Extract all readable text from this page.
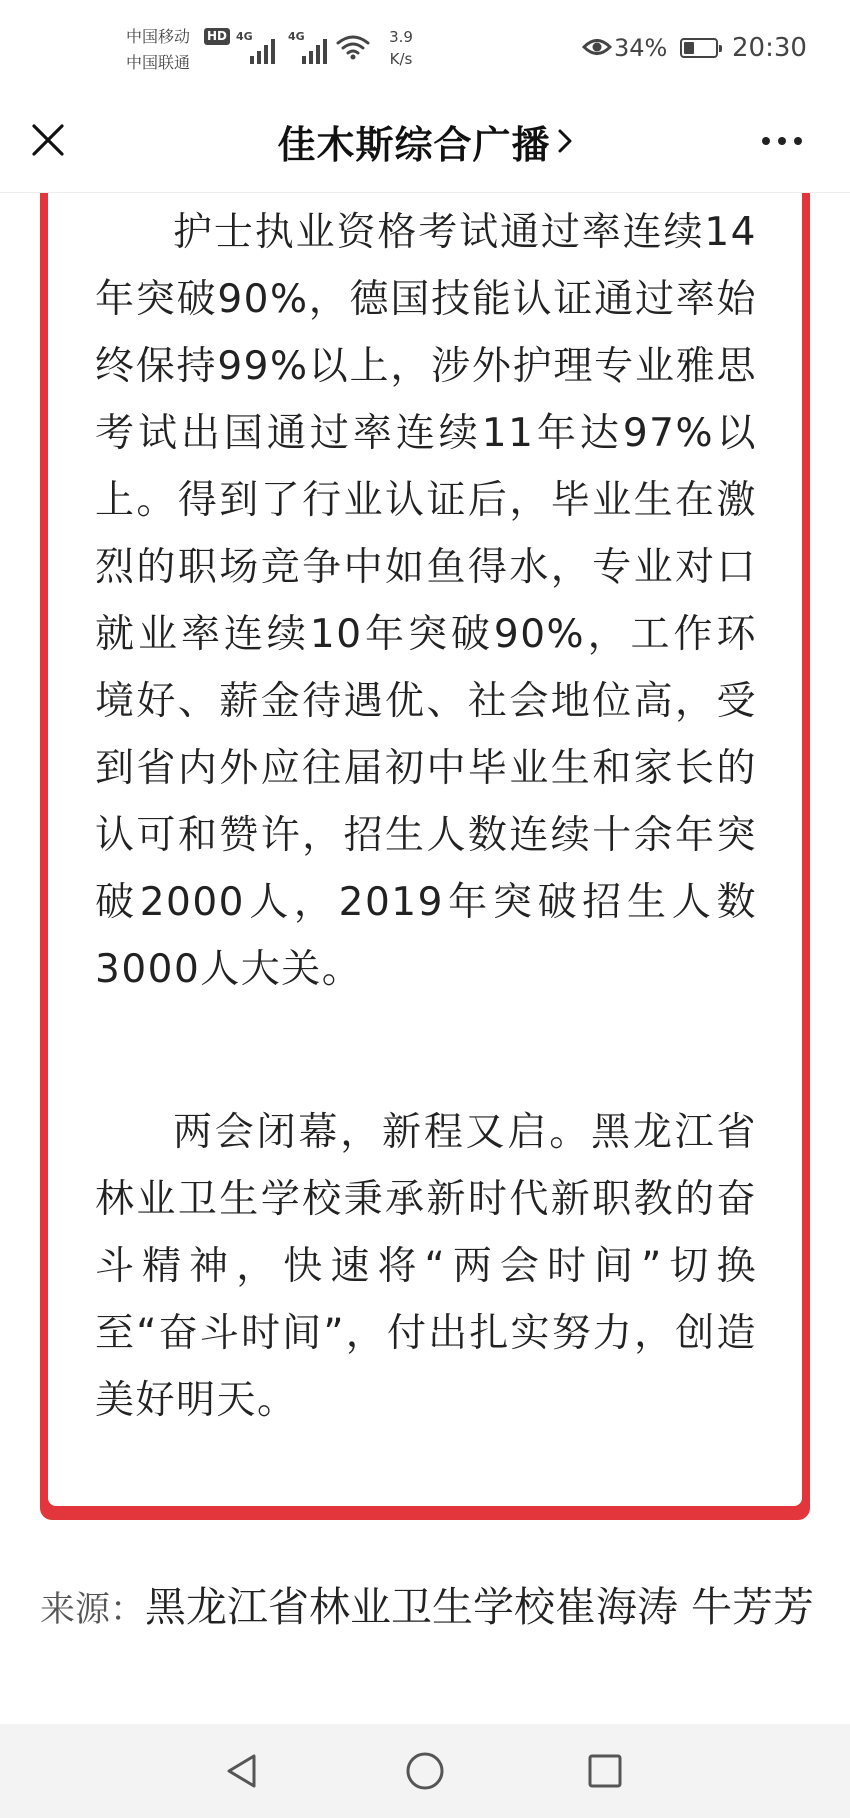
中国移动
中国联通
HD 4G	4G	3.9
K/s	34% 20:30
佳木斯综合广播

护士执业资格考试通过率连续14年突破90%，德国技能认证通过率始终保持99%以上，涉外护理专业雅思考试出国通过率连续11年达97%以上。得到了行业认证后，毕业生在激烈的职场竞争中如鱼得水，专业对口就业率连续10年突破90%，工作环境好、薪金待遇优、社会地位高，受到省内外应往届初中毕业生和家长的认可和赞许，招生人数连续十余年突破2000人，2019年突破招生人数3000人大关。

两会闭幕，新程又启。黑龙江省林业卫生学校秉承新时代新职教的奋斗精神，快速将“两会时间”切换至“奋斗时间”，付出扎实努力，创造美好明天。

来源：黑龙江省林业卫生学校崔海涛 牛芳芳
